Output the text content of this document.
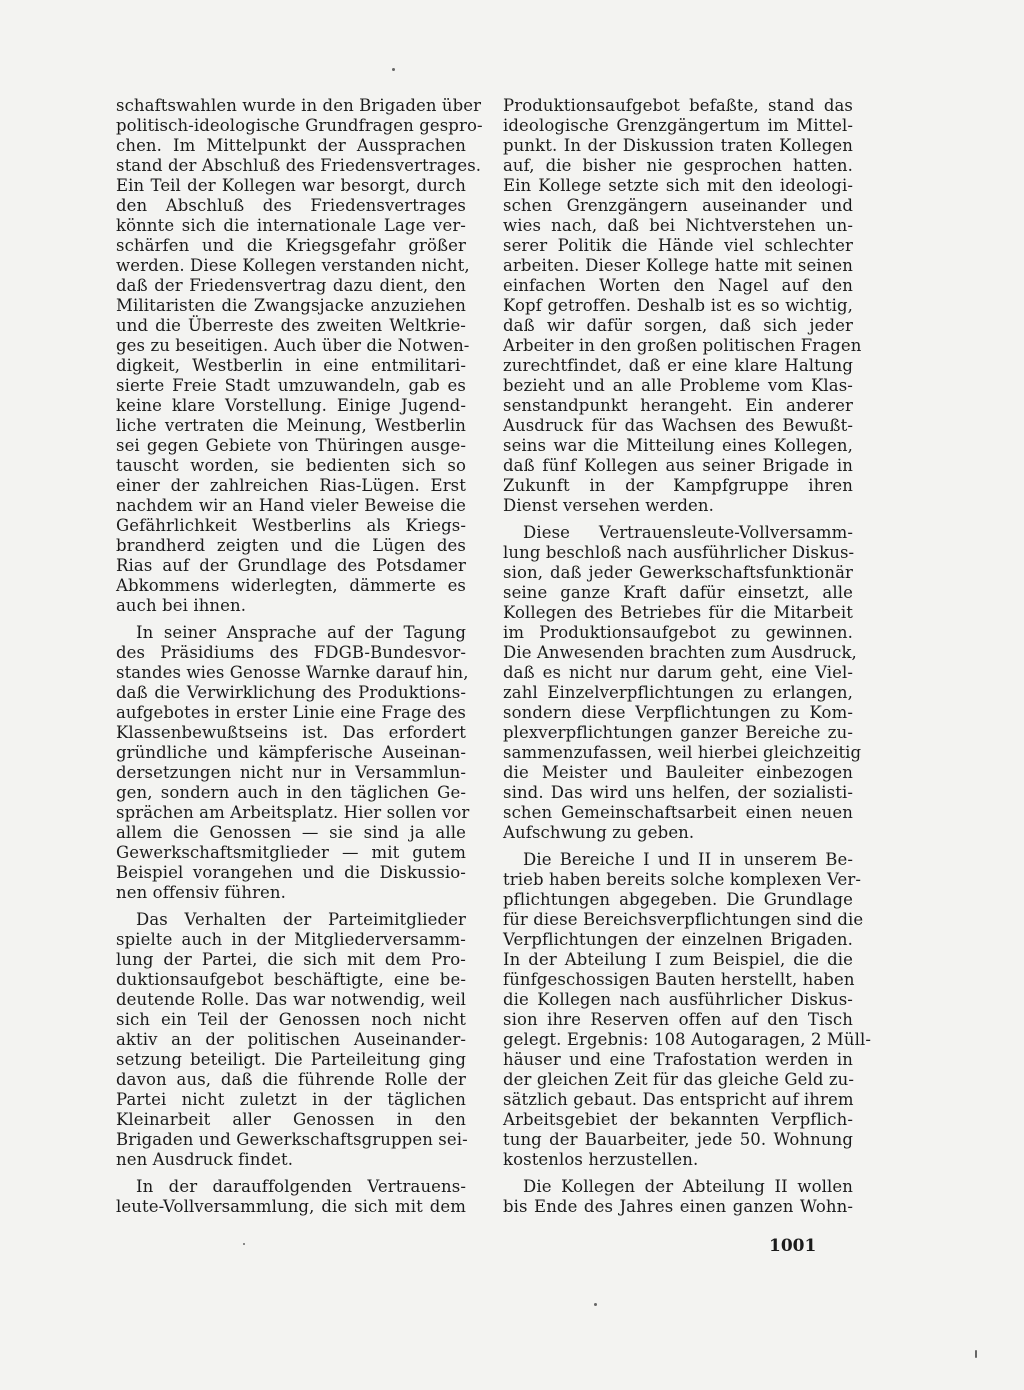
schaftswahlen wurde in den Brigaden über
politisch-ideologische Grundfragen gespro-
chen. Im Mittelpunkt der Aussprachen
stand der Abschluß des Friedensvertrages.
Ein Teil der Kollegen war besorgt, durch
den Abschluß des Friedensvertrages
könnte sich die internationale Lage ver-
schärfen und die Kriegsgefahr größer
werden. Diese Kollegen verstanden nicht,
daß der Friedensvertrag dazu dient, den
Militaristen die Zwangsjacke anzuziehen
und die Überreste des zweiten Weltkrie-
ges zu beseitigen. Auch über die Notwen-
digkeit, Westberlin in eine entmilitari-
sierte Freie Stadt umzuwandeln, gab es
keine klare Vorstellung. Einige Jugend-
liche vertraten die Meinung, Westberlin
sei gegen Gebiete von Thüringen ausge-
tauscht worden, sie bedienten sich so
einer der zahlreichen Rias-Lügen. Erst
nachdem wir an Hand vieler Beweise die
Gefährlichkeit Westberlins als Kriegs-
brandherd zeigten und die Lügen des
Rias auf der Grundlage des Potsdamer
Abkommens widerlegten, dämmerte es
auch bei ihnen.
In seiner Ansprache auf der Tagung
des Präsidiums des FDGB-Bundesvor-
standes wies Genosse Warnke darauf hin,
daß die Verwirklichung des Produktions-
aufgebotes in erster Linie eine Frage des
Klassenbewußtseins ist. Das erfordert
gründliche und kämpferische Auseinan-
dersetzungen nicht nur in Versammlun-
gen, sondern auch in den täglichen Ge-
sprächen am Arbeitsplatz. Hier sollen vor
allem die Genossen — sie sind ja alle
Gewerkschaftsmitglieder — mit gutem
Beispiel vorangehen und die Diskussio-
nen offensiv führen.
Das Verhalten der Parteimitglieder
spielte auch in der Mitgliederversamm-
lung der Partei, die sich mit dem Pro-
duktionsaufgebot beschäftigte, eine be-
deutende Rolle. Das war notwendig, weil
sich ein Teil der Genossen noch nicht
aktiv an der politischen Auseinander-
setzung beteiligt. Die Parteileitung ging
davon aus, daß die führende Rolle der
Partei nicht zuletzt in der täglichen
Kleinarbeit aller Genossen in den
Brigaden und Gewerkschaftsgruppen sei-
nen Ausdruck findet.
In der darauffolgenden Vertrauens-
leute-Vollversammlung, die sich mit dem
Produktionsaufgebot befaßte, stand das
ideologische Grenzgängertum im Mittel-
punkt. In der Diskussion traten Kollegen
auf, die bisher nie gesprochen hatten.
Ein Kollege setzte sich mit den ideologi-
schen Grenzgängern auseinander und
wies nach, daß bei Nichtverstehen un-
serer Politik die Hände viel schlechter
arbeiten. Dieser Kollege hatte mit seinen
einfachen Worten den Nagel auf den
Kopf getroffen. Deshalb ist es so wichtig,
daß wir dafür sorgen, daß sich jeder
Arbeiter in den großen politischen Fragen
zurechtfindet, daß er eine klare Haltung
bezieht und an alle Probleme vom Klas-
senstandpunkt herangeht. Ein anderer
Ausdruck für das Wachsen des Bewußt-
seins war die Mitteilung eines Kollegen,
daß fünf Kollegen aus seiner Brigade in
Zukunft in der Kampfgruppe ihren
Dienst versehen werden.
Diese Vertrauensleute-Vollversamm-
lung beschloß nach ausführlicher Diskus-
sion, daß jeder Gewerkschaftsfunktionär
seine ganze Kraft dafür einsetzt, alle
Kollegen des Betriebes für die Mitarbeit
im Produktionsaufgebot zu gewinnen.
Die Anwesenden brachten zum Ausdruck,
daß es nicht nur darum geht, eine Viel-
zahl Einzelverpflichtungen zu erlangen,
sondern diese Verpflichtungen zu Kom-
plexverpflichtungen ganzer Bereiche zu-
sammenzufassen, weil hierbei gleichzeitig
die Meister und Bauleiter einbezogen
sind. Das wird uns helfen, der sozialisti-
schen Gemeinschaftsarbeit einen neuen
Aufschwung zu geben.
Die Bereiche I und II in unserem Be-
trieb haben bereits solche komplexen Ver-
pflichtungen abgegeben. Die Grundlage
für diese Bereichsverpflichtungen sind die
Verpflichtungen der einzelnen Brigaden.
In der Abteilung I zum Beispiel, die die
fünfgeschossigen Bauten herstellt, haben
die Kollegen nach ausführlicher Diskus-
sion ihre Reserven offen auf den Tisch
gelegt. Ergebnis: 108 Autogaragen, 2 Müll-
häuser und eine Trafostation werden in
der gleichen Zeit für das gleiche Geld zu-
sätzlich gebaut. Das entspricht auf ihrem
Arbeitsgebiet der bekannten Verpflich-
tung der Bauarbeiter, jede 50. Wohnung
kostenlos herzustellen.
Die Kollegen der Abteilung II wollen
bis Ende des Jahres einen ganzen Wohn-
1001
